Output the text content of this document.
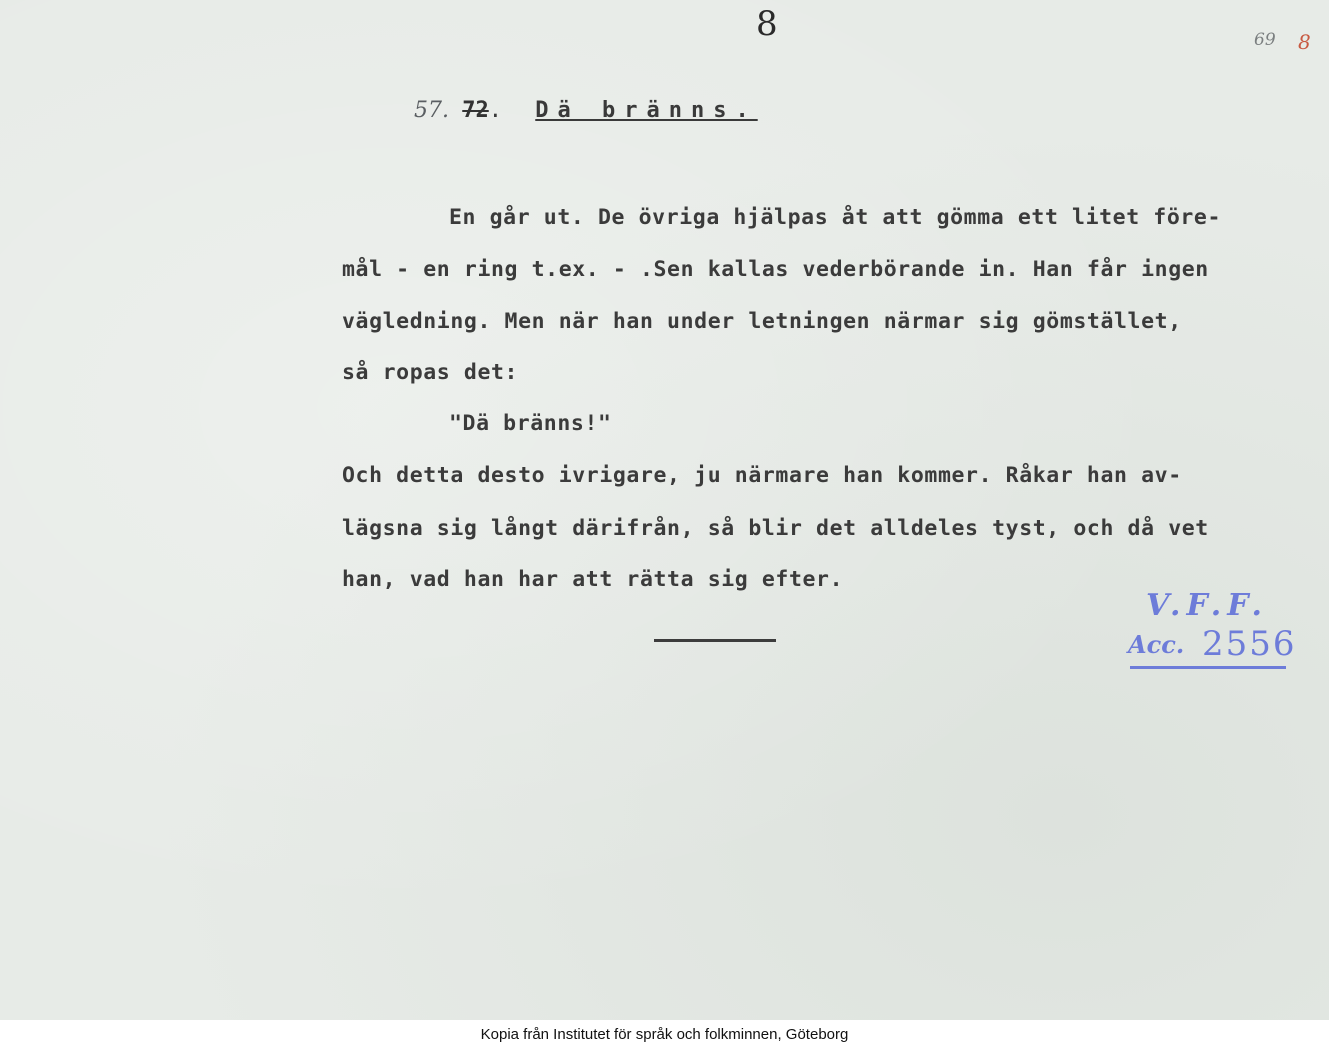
8	69 8
57. 72. Dä bränns.
En går ut. De övriga hjälpas åt att gömma ett litet före-
mål - en ring t.ex. - .Sen kallas vederbörande in. Han får ingen
vägledning. Men när han under letningen närmar sig gömstället,
så ropas det:
"Dä bränns!"
Och detta desto ivrigare, ju närmare han kommer. Råkar han av-
lägsna sig långt därifrån, så blir det alldeles tyst, och då vet
han, vad han har att rätta sig efter.
V.F.F.
Acc. 2556
Kopia från Institutet för språk och folkminnen, Göteborg
